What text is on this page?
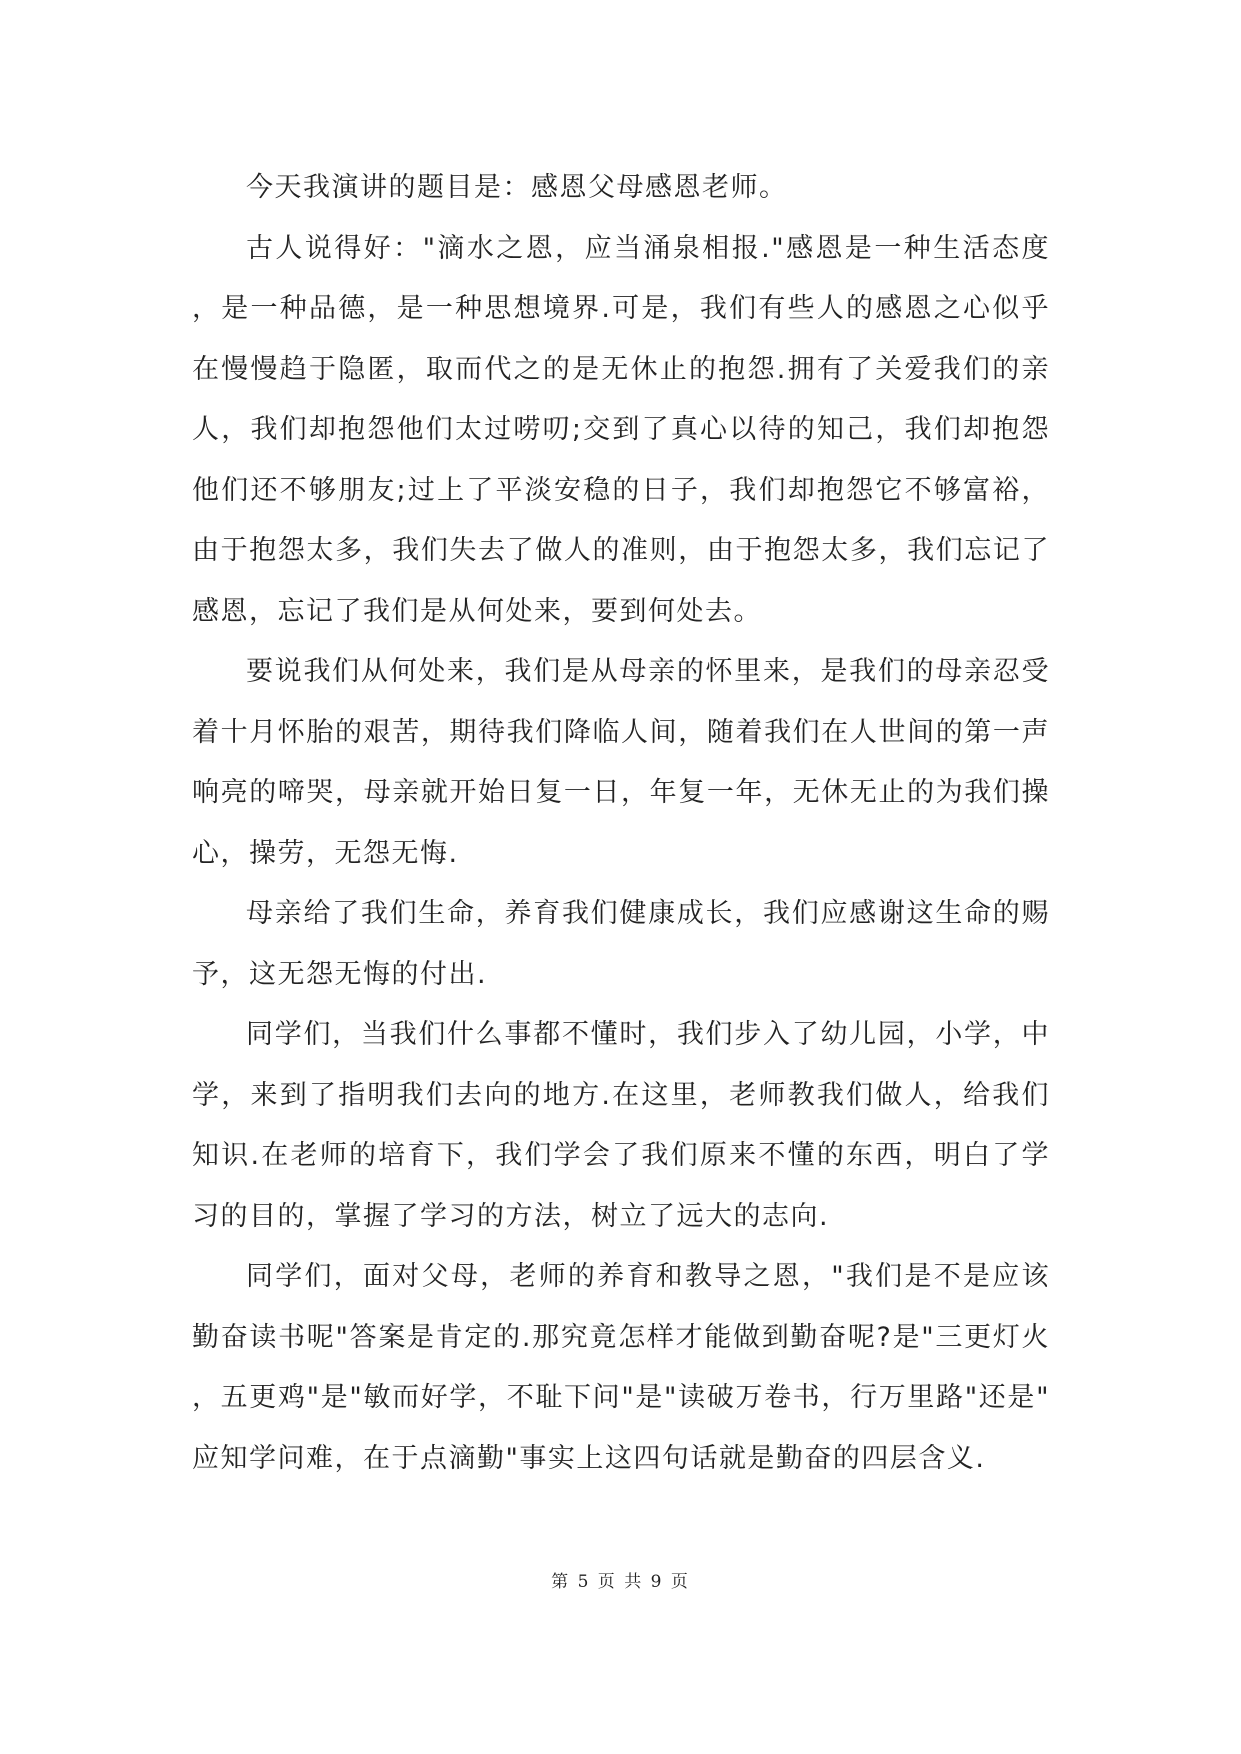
今天我演讲的题目是：感恩父母感恩老师。

古人说得好："滴水之恩，应当涌泉相报."感恩是一种生活态度，是一种品德，是一种思想境界.可是，我们有些人的感恩之心似乎在慢慢趋于隐匿，取而代之的是无休止的抱怨.拥有了关爱我们的亲人，我们却抱怨他们太过唠叨;交到了真心以待的知己，我们却抱怨他们还不够朋友;过上了平淡安稳的日子，我们却抱怨它不够富裕，由于抱怨太多，我们失去了做人的准则，由于抱怨太多，我们忘记了感恩，忘记了我们是从何处来，要到何处去。

要说我们从何处来，我们是从母亲的怀里来，是我们的母亲忍受着十月怀胎的艰苦，期待我们降临人间，随着我们在人世间的第一声响亮的啼哭，母亲就开始日复一日，年复一年，无休无止的为我们操心，操劳，无怨无悔.

母亲给了我们生命，养育我们健康成长，我们应感谢这生命的赐予，这无怨无悔的付出.

同学们，当我们什么事都不懂时，我们步入了幼儿园，小学，中学，来到了指明我们去向的地方.在这里，老师教我们做人，给我们知识.在老师的培育下，我们学会了我们原来不懂的东西，明白了学习的目的，掌握了学习的方法，树立了远大的志向.

同学们，面对父母，老师的养育和教导之恩，"我们是不是应该勤奋读书呢"答案是肯定的.那究竟怎样才能做到勤奋呢?是"三更灯火，五更鸡"是"敏而好学，不耻下问"是"读破万卷书，行万里路"还是"应知学问难，在于点滴勤"事实上这四句话就是勤奋的四层含义.

第 5 页 共 9 页
